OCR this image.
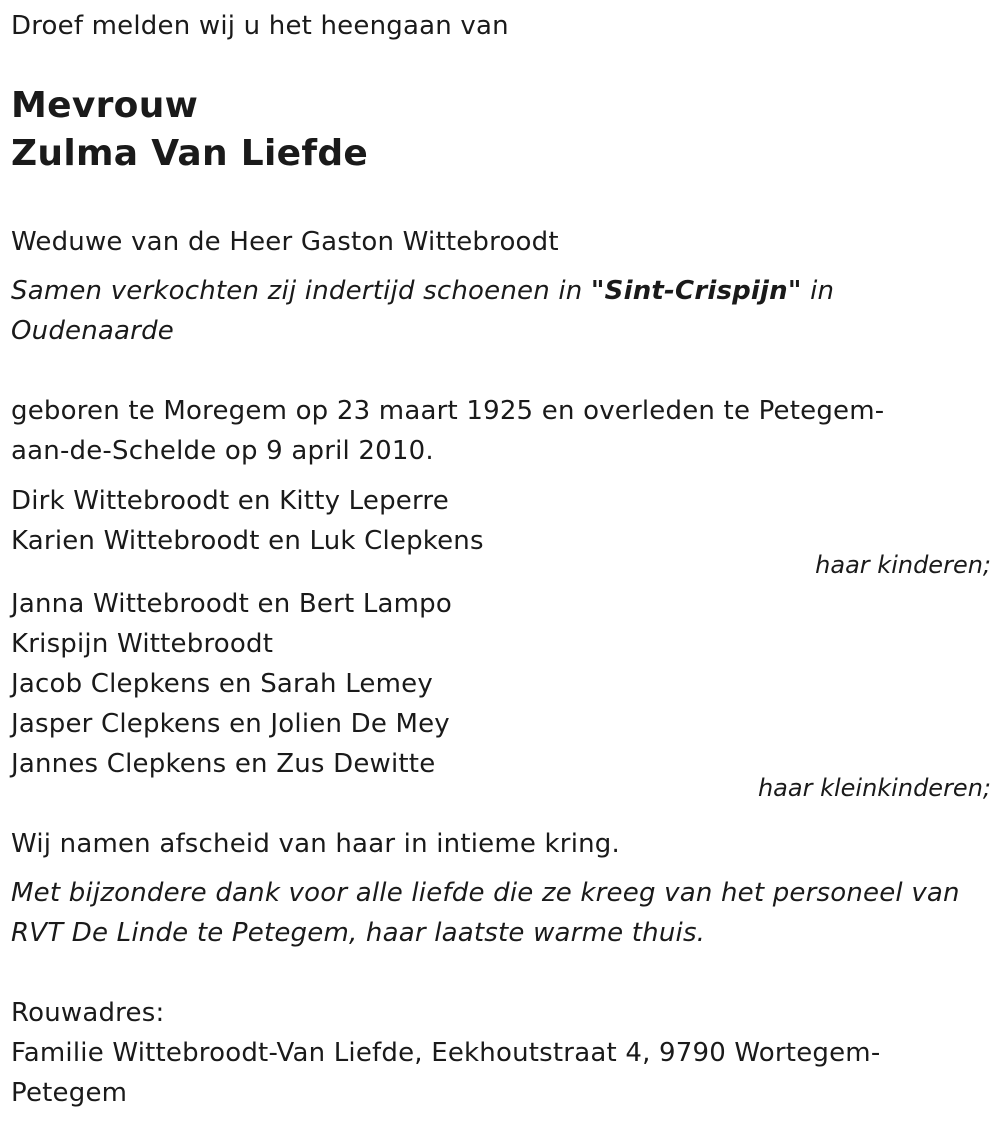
Droef melden wij u het heengaan van
Mevrouw
Zulma Van Liefde
Weduwe van de Heer Gaston Wittebroodt
Samen verkochten zij indertijd schoenen in "Sint-Crispijn" in
Oudenaarde
geboren te Moregem op 23 maart 1925 en overleden te Petegem-
aan-de-Schelde op 9 april 2010.
Dirk Wittebroodt en Kitty Leperre
Karien Wittebroodt en Luk Clepkens
haar kinderen;
Janna Wittebroodt en Bert Lampo
Krispijn Wittebroodt
Jacob Clepkens en Sarah Lemey
Jasper Clepkens en Jolien De Mey
Jannes Clepkens en Zus Dewitte
haar kleinkinderen;
Wij namen afscheid van haar in intieme kring.
Met bijzondere dank voor alle liefde die ze kreeg van het personeel van
RVT De Linde te Petegem, haar laatste warme thuis.
Rouwadres:
Familie Wittebroodt-Van Liefde, Eekhoutstraat 4, 9790 Wortegem-
Petegem
